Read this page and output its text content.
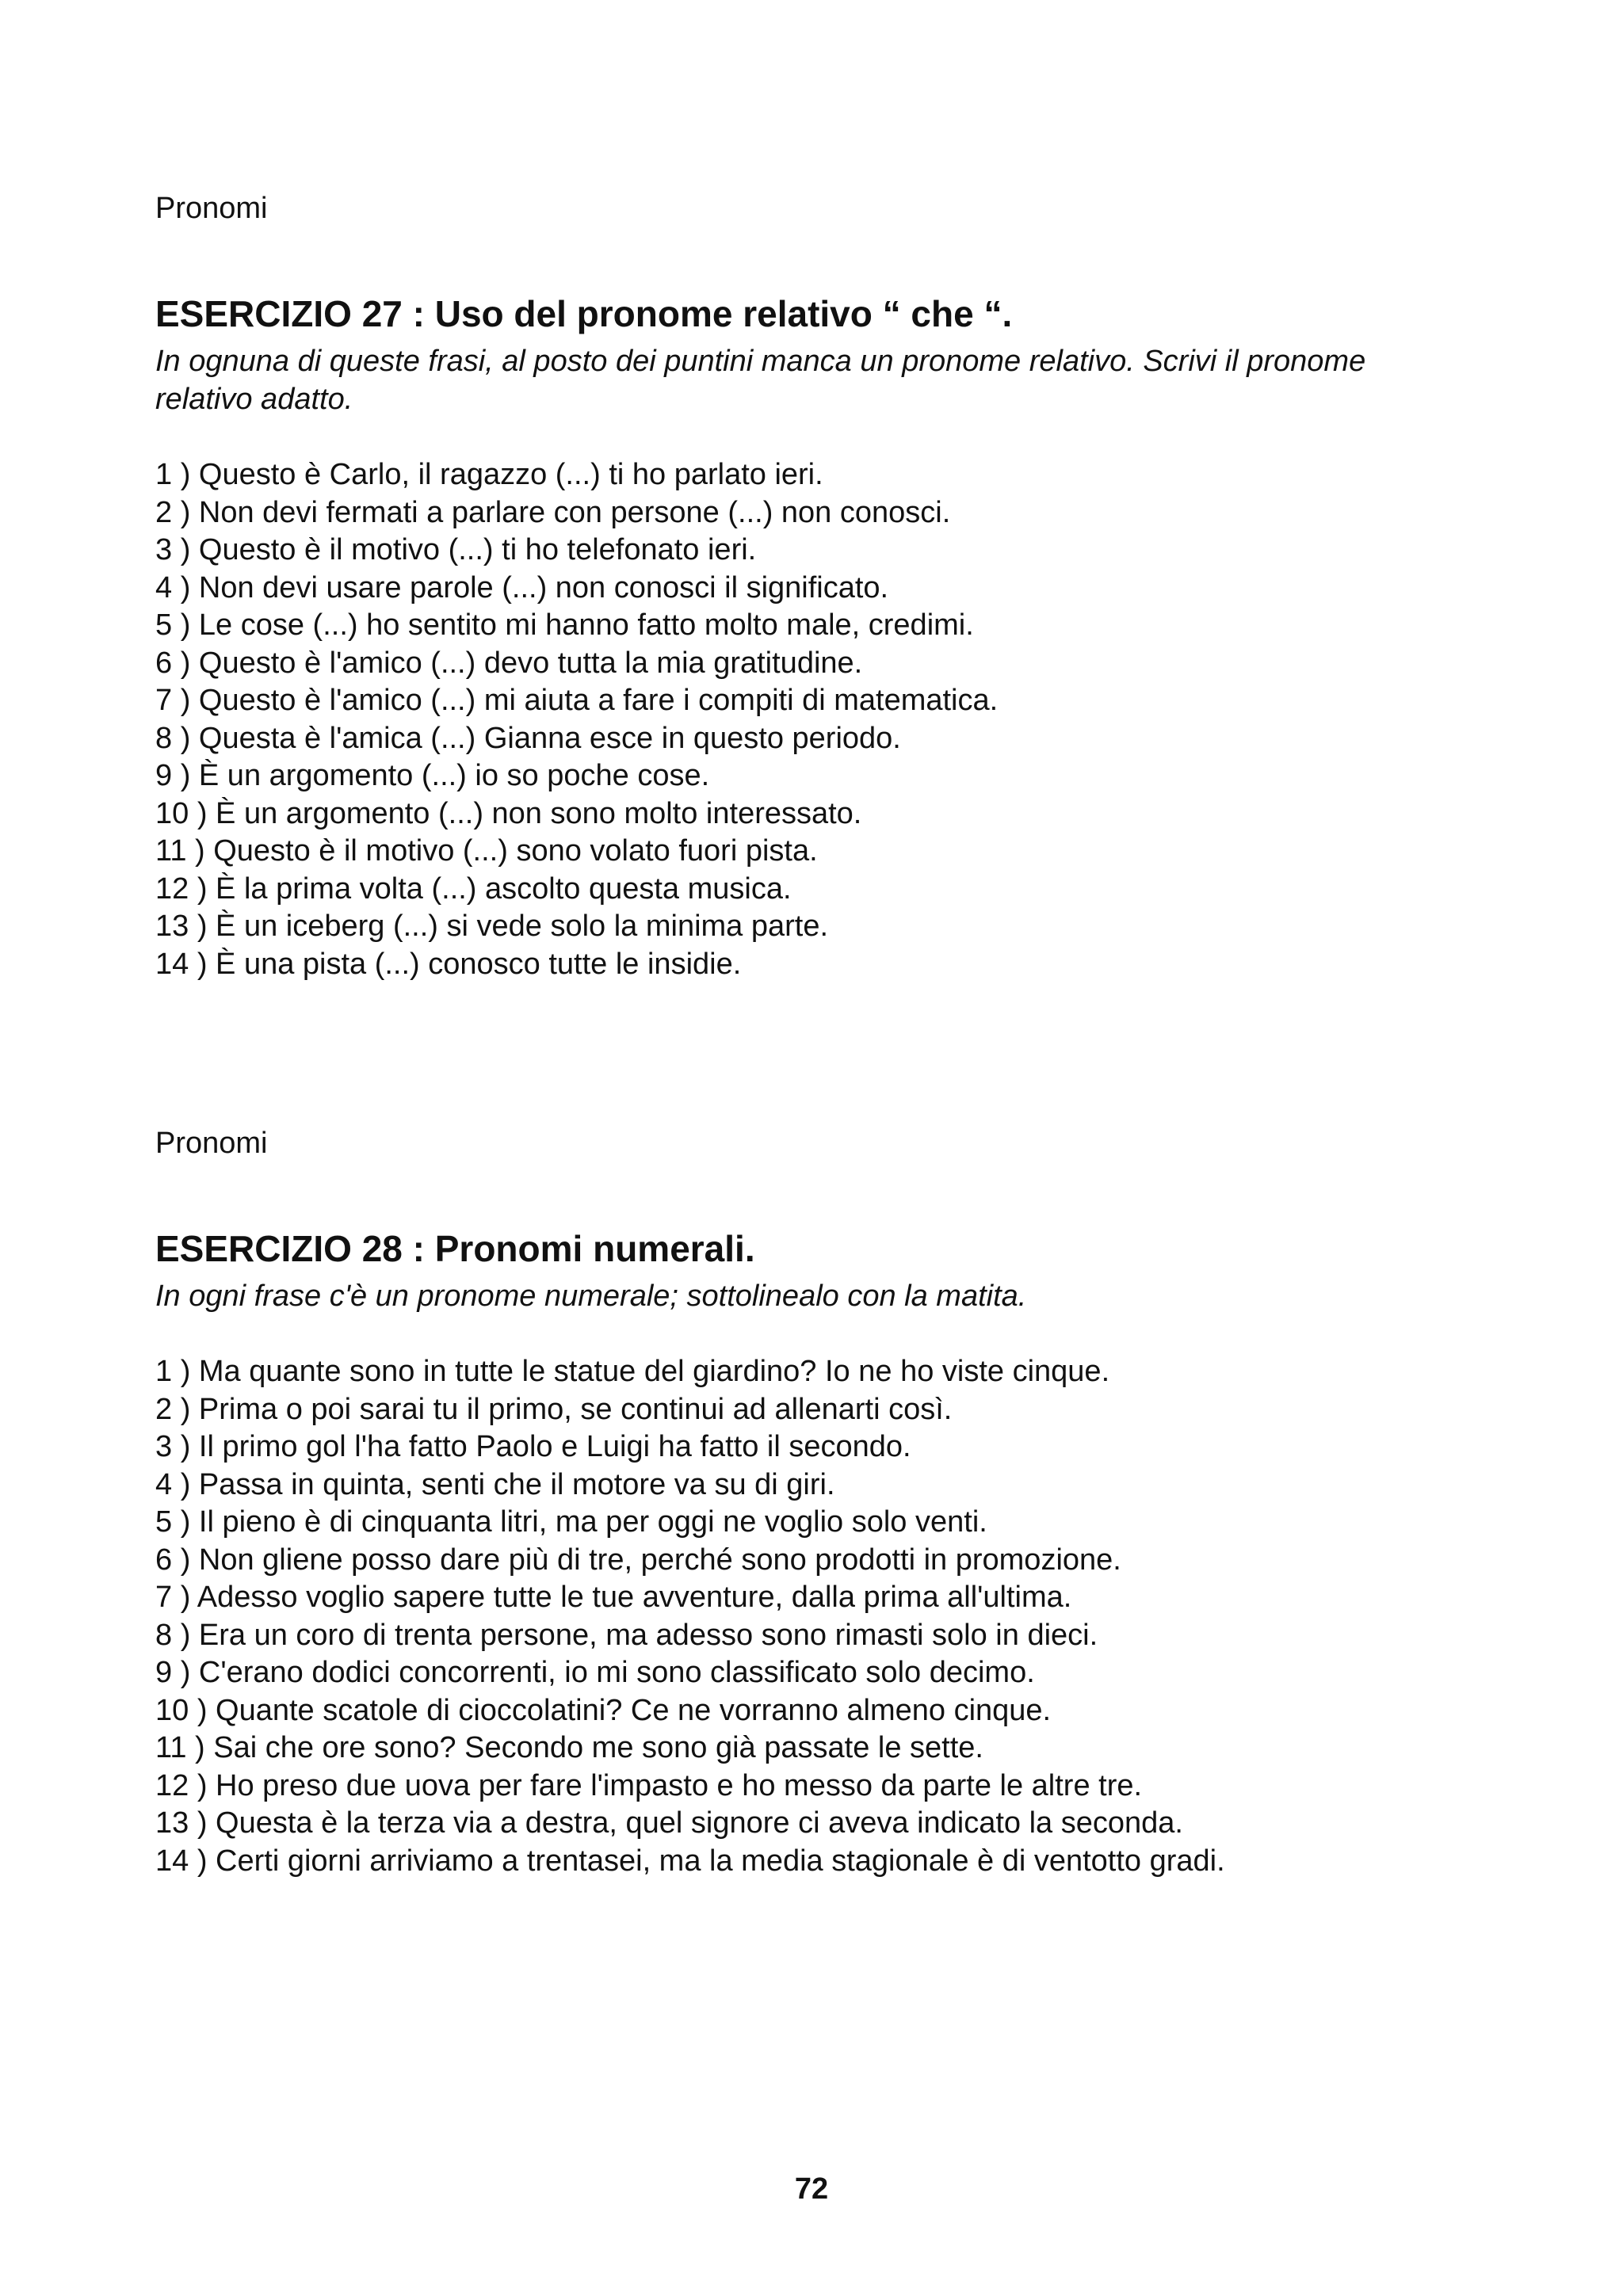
Pronomi

ESERCIZIO 27 : Uso del pronome relativo “ che “.

In ognuna di queste frasi, al posto dei puntini manca un pronome relativo. Scrivi il pronome relativo adatto.

1 ) Questo è Carlo, il ragazzo (...) ti ho parlato ieri.
2 ) Non devi fermati a parlare con persone (...) non conosci.
3 ) Questo è il motivo (...) ti ho telefonato ieri.
4 ) Non devi usare parole (...) non conosci il significato.
5 ) Le cose (...) ho sentito mi hanno fatto molto male, credimi.
6 ) Questo è l'amico (...) devo tutta la mia gratitudine.
7 ) Questo è l'amico (...) mi aiuta a fare i compiti di matematica.
8 ) Questa è l'amica (...) Gianna esce in questo periodo.
9 ) È un argomento (...) io so poche cose.
10 ) È un argomento (...) non sono molto interessato.
11 ) Questo è il motivo (...) sono volato fuori pista.
12 ) È la prima volta (...) ascolto questa musica.
13 ) È un iceberg (...) si vede solo la minima parte.
14 ) È una pista (...) conosco tutte le insidie.

Pronomi

ESERCIZIO 28 : Pronomi numerali.

In ogni frase c'è un pronome numerale; sottolinealo con la matita.

1 ) Ma quante sono in tutte le statue del giardino? Io ne ho viste cinque.
2 ) Prima o poi sarai tu il primo, se continui ad allenarti così.
3 ) Il primo gol l'ha fatto Paolo e Luigi ha fatto il secondo.
4 ) Passa in quinta, senti che il motore va su di giri.
5 ) Il pieno è di cinquanta litri, ma per oggi ne voglio solo venti.
6 ) Non gliene posso dare più di tre, perché sono prodotti in promozione.
7 ) Adesso voglio sapere tutte le tue avventure, dalla prima all'ultima.
8 ) Era un coro di trenta persone, ma adesso sono rimasti solo in dieci.
9 ) C'erano dodici concorrenti, io mi sono classificato solo decimo.
10 ) Quante scatole di cioccolatini? Ce ne vorranno almeno cinque.
11 ) Sai che ore sono? Secondo me sono già passate le sette.
12 ) Ho preso due uova per fare l'impasto e ho messo da parte le altre tre.
13 ) Questa è la terza via a destra, quel signore ci aveva indicato la seconda.
14 ) Certi giorni arriviamo a trentasei, ma la media stagionale è di ventotto gradi.
72
